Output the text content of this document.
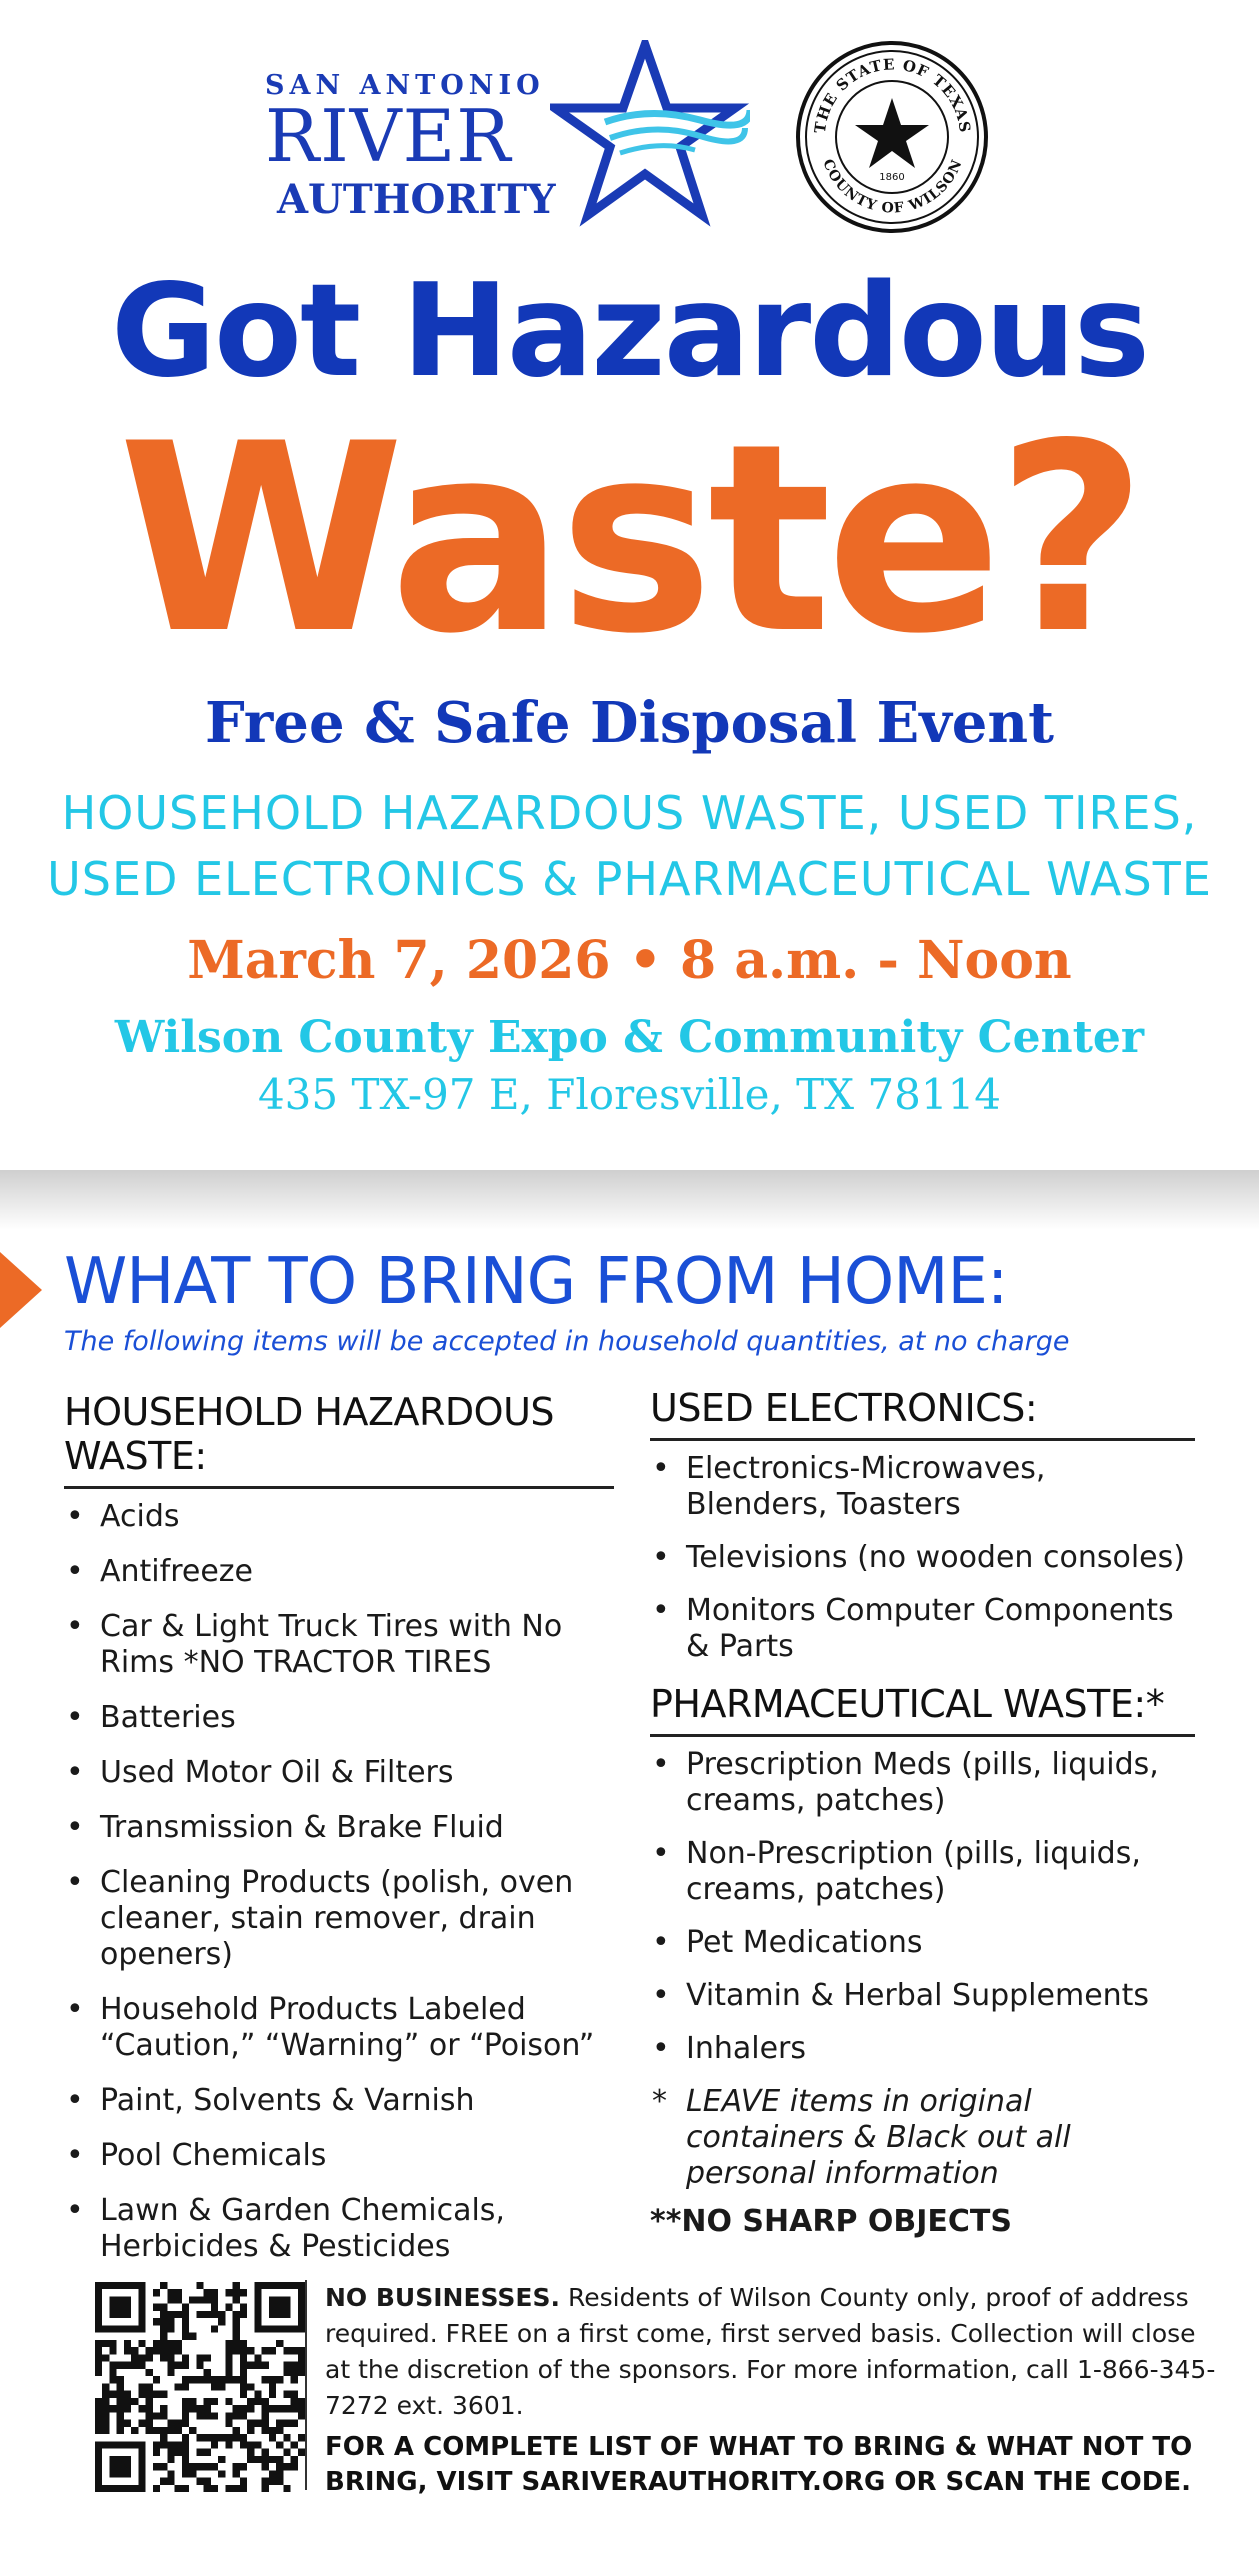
SAN ANTONIO
RIVER
AUTHORITY
THE STATE OF TEXAS
COUNTY OF WILSON
1860
Got Hazardous
Waste?
Free & Safe Disposal Event
HOUSEHOLD HAZARDOUS WASTE, USED TIRES,
USED ELECTRONICS & PHARMACEUTICAL WASTE
March 7, 2026 • 8 a.m. - Noon
Wilson County Expo & Community Center
435 TX-97 E, Floresville, TX 78114
WHAT TO BRING FROM HOME:
The following items will be accepted in household quantities, at no charge
HOUSEHOLD HAZARDOUS WASTE:
• Acids
• Antifreeze
• Car & Light Truck Tires with No Rims *NO TRACTOR TIRES
• Batteries
• Used Motor Oil & Filters
• Transmission & Brake Fluid
• Cleaning Products (polish, oven cleaner, stain remover, drain openers)
• Household Products Labeled “Caution,” “Warning” or “Poison”
• Paint, Solvents & Varnish
• Pool Chemicals
• Lawn & Garden Chemicals, Herbicides & Pesticides
USED ELECTRONICS:
• Electronics-Microwaves, Blenders, Toasters
• Televisions (no wooden consoles)
• Monitors Computer Components & Parts
PHARMACEUTICAL WASTE:*
• Prescription Meds (pills, liquids, creams, patches)
• Non-Prescription (pills, liquids, creams, patches)
• Pet Medications
• Vitamin & Herbal Supplements
• Inhalers
* LEAVE items in original containers & Black out all personal information
**NO SHARP OBJECTS
NO BUSINESSES. Residents of Wilson County only, proof of address required. FREE on a first come, first served basis. Collection will close at the discretion of the sponsors. For more information, call 1-866-345-7272 ext. 3601.
FOR A COMPLETE LIST OF WHAT TO BRING & WHAT NOT TO BRING, VISIT SARIVERAUTHORITY.ORG OR SCAN THE CODE.
